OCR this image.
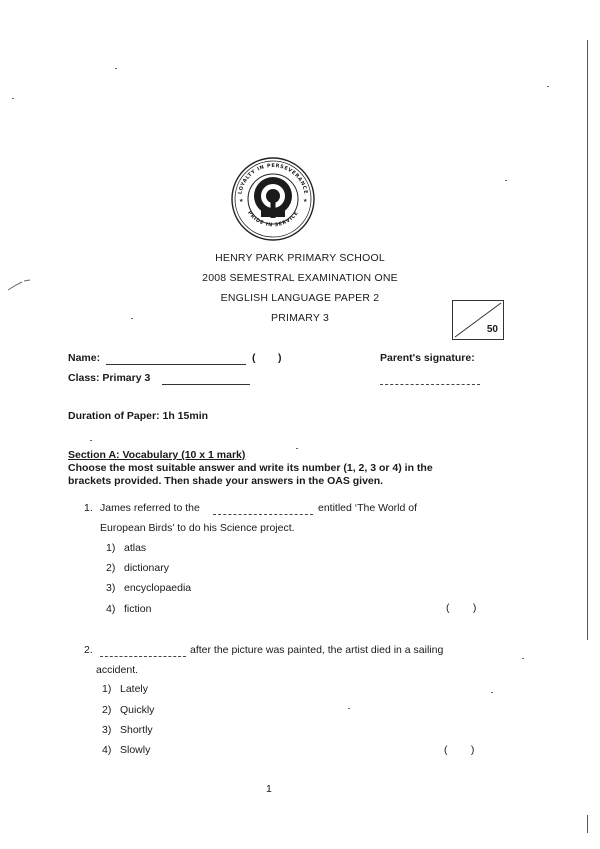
LOYALTY IN PERSEVERANCE
PRIDE IN SERVICE
★	★
HENRY PARK PRIMARY SCHOOL
2008 SEMESTRAL EXAMINATION ONE
ENGLISH LANGUAGE PAPER 2
PRIMARY 3
50
Name:	( )	Parent's signature:
Class: Primary 3
Duration of Paper: 1h 15min
Section A: Vocabulary (10 x 1 mark)
Choose the most suitable answer and write its number (1, 2, 3 or 4) in the
brackets provided. Then shade your answers in the OAS given.
1. James referred to the	entitled ‘The World of
European Birds’ to do his Science project.
1) atlas
2) dictionary
3) encyclopaedia
4) fiction	(        )
2.	after the picture was painted, the artist died in a sailing
accident.
1) Lately
2) Quickly
3) Shortly
4) Slowly	(        )
1
